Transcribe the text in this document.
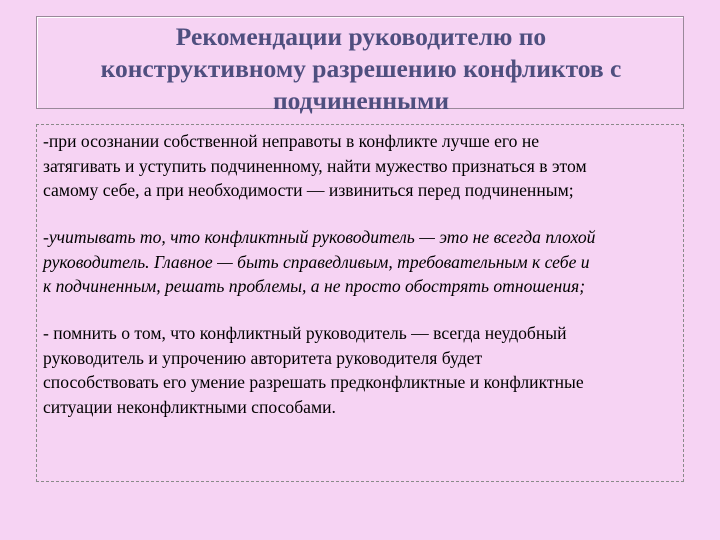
Рекомендации руководителю по
конструктивному разрешению конфликтов с
подчиненными

-при осознании собственной неправоты в конфликте лучше его не
затягивать и уступить подчиненному, найти мужество признаться в этом
самому себе, а при необходимости — извиниться перед подчиненным;

-учитывать то, что конфликтный руководитель — это не всегда плохой
руководитель. Главное — быть справедливым, требовательным к себе и
к подчиненным, решать проблемы, а не просто обострять отношения;

- помнить о том, что конфликтный руководитель — всегда неудобный
руководитель и упрочению авторитета руководителя будет
способствовать его умение разрешать предконфликтные и конфликтные
ситуации неконфликтными способами.
